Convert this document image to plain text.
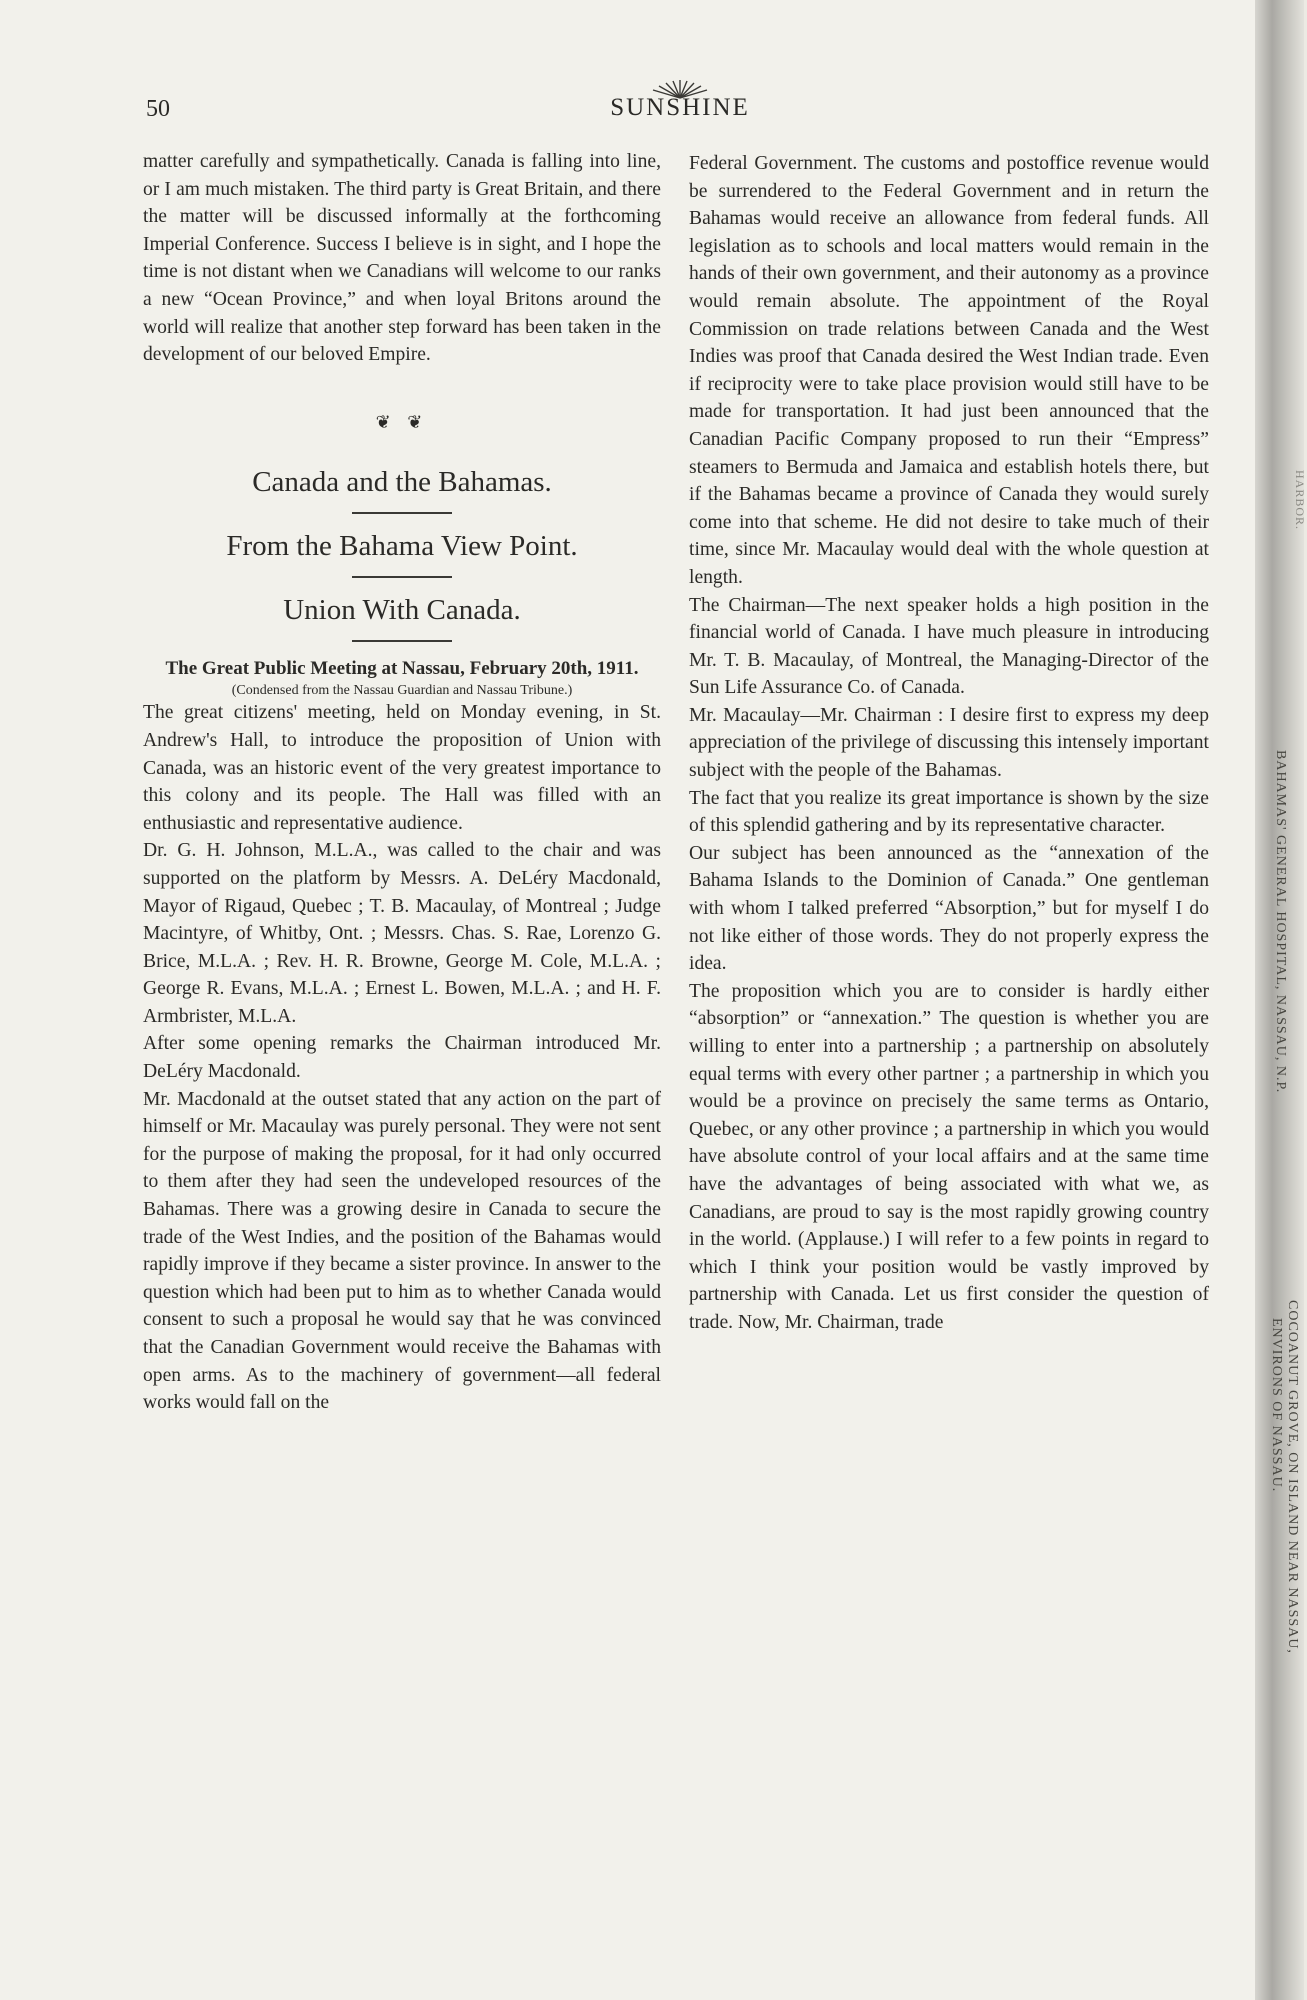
50	SUNSHINE

matter carefully and sympathetically. Canada is falling into line, or I am much mistaken. The third party is Great Britain, and there the matter will be discussed informally at the forthcoming Imperial Conference. Success I believe is in sight, and I hope the time is not distant when we Canadians will welcome to our ranks a new “Ocean Province,” and when loyal Britons around the world will realize that another step forward has been taken in the development of our beloved Empire.

❦ ❦

Canada and the Bahamas.

From the Bahama View Point.

Union With Canada.

The Great Public Meeting at Nassau, February 20th, 1911.

(Condensed from the Nassau Guardian and Nassau Tribune.)

The great citizens' meeting, held on Monday evening, in St. Andrew's Hall, to introduce the proposition of Union with Canada, was an historic event of the very greatest importance to this colony and its people. The Hall was filled with an enthusiastic and representative audience.

Dr. G. H. Johnson, M.L.A., was called to the chair and was supported on the platform by Messrs. A. DeLéry Macdonald, Mayor of Rigaud, Quebec ; T. B. Macaulay, of Montreal ; Judge Macintyre, of Whitby, Ont. ; Messrs. Chas. S. Rae, Lorenzo G. Brice, M.L.A. ; Rev. H. R. Browne, George M. Cole, M.L.A. ; George R. Evans, M.L.A. ; Ernest L. Bowen, M.L.A. ; and H. F. Armbrister, M.L.A.

After some opening remarks the Chairman introduced Mr. DeLéry Macdonald.

Mr. Macdonald at the outset stated that any action on the part of himself or Mr. Macaulay was purely personal. They were not sent for the purpose of making the proposal, for it had only occurred to them after they had seen the undeveloped resources of the Bahamas. There was a growing desire in Canada to secure the trade of the West Indies, and the position of the Bahamas would rapidly improve if they became a sister province. In answer to the question which had been put to him as to whether Canada would consent to such a proposal he would say that he was convinced that the Canadian Government would receive the Bahamas with open arms. As to the machinery of government—all federal works would fall on the

Federal Government. The customs and postoffice revenue would be surrendered to the Federal Government and in return the Bahamas would receive an allowance from federal funds. All legislation as to schools and local matters would remain in the hands of their own government, and their autonomy as a province would remain absolute. The appointment of the Royal Commission on trade relations between Canada and the West Indies was proof that Canada desired the West Indian trade. Even if reciprocity were to take place provision would still have to be made for transportation. It had just been announced that the Canadian Pacific Company proposed to run their “Empress” steamers to Bermuda and Jamaica and establish hotels there, but if the Bahamas became a province of Canada they would surely come into that scheme. He did not desire to take much of their time, since Mr. Macaulay would deal with the whole question at length.

The Chairman—The next speaker holds a high position in the financial world of Canada. I have much pleasure in introducing Mr. T. B. Macaulay, of Montreal, the Managing-Director of the Sun Life Assurance Co. of Canada.

Mr. Macaulay—Mr. Chairman : I desire first to express my deep appreciation of the privilege of discussing this intensely important subject with the people of the Bahamas.

The fact that you realize its great importance is shown by the size of this splendid gathering and by its representative character.

Our subject has been announced as the “annexation of the Bahama Islands to the Dominion of Canada.” One gentleman with whom I talked preferred “Absorption,” but for myself I do not like either of those words. They do not properly express the idea.

The proposition which you are to consider is hardly either “absorption” or “annexation.” The question is whether you are willing to enter into a partnership ; a partnership on absolutely equal terms with every other partner ; a partnership in which you would be a province on precisely the same terms as Ontario, Quebec, or any other province ; a partnership in which you would have absolute control of your local affairs and at the same time have the advantages of being associated with what we, as Canadians, are proud to say is the most rapidly growing country in the world. (Applause.) I will refer to a few points in regard to which I think your position would be vastly improved by partnership with Canada. Let us first consider the question of trade. Now, Mr. Chairman, trade

HARBOR.
BAHAMAS' GENERAL HOSPITAL, NASSAU, N.P.
COCOANUT GROVE, ON ISLAND NEAR NASSAU,
ENVIRONS OF NASSAU.
